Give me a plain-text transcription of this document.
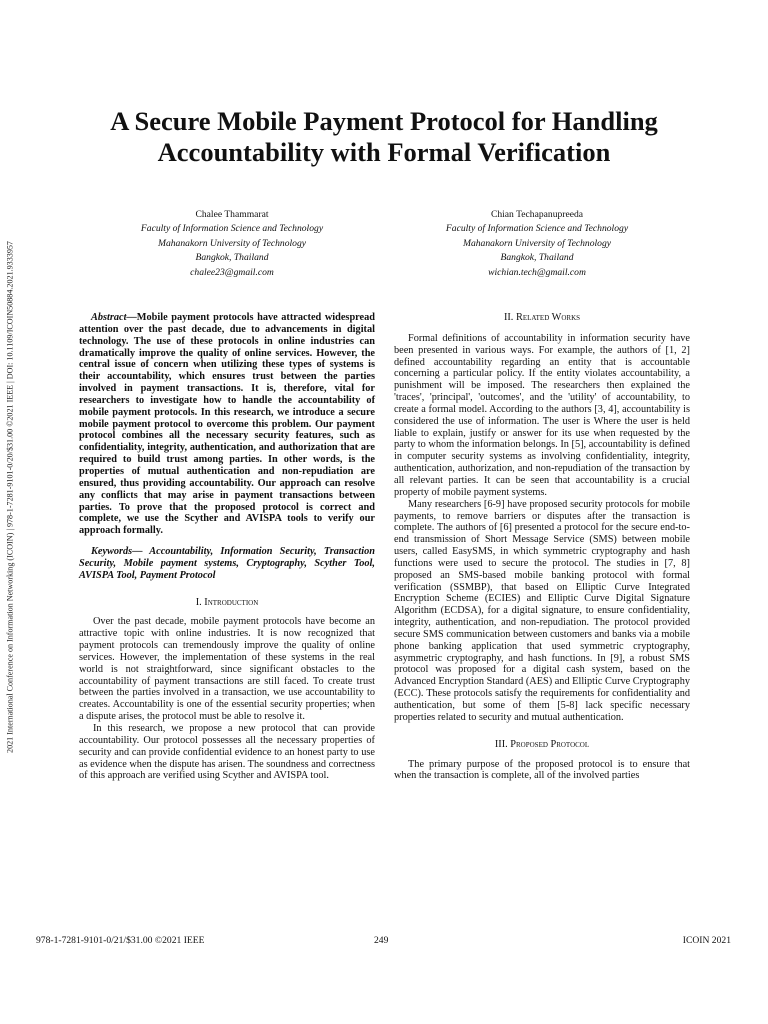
2021 International Conference on Information Networking (ICOIN) | 978-1-7281-9101-0/20/$31.00 ©2021 IEEE | DOI: 10.1109/ICOIN50884.2021.9333957
A Secure Mobile Payment Protocol for Handling
Accountability with Formal Verification
Chalee Thammarat
Faculty of Information Science and Technology
Mahanakorn University of Technology
Bangkok, Thailand
chalee23@gmail.com
Chian Techapanupreeda
Faculty of Information Science and Technology
Mahanakorn University of Technology
Bangkok, Thailand
wichian.tech@gmail.com

Abstract—Mobile payment protocols have attracted widespread attention over the past decade, due to advancements in digital technology. The use of these protocols in online industries can dramatically improve the quality of online services. However, the central issue of concern when utilizing these types of systems is their accountability, which ensures trust between the parties involved in payment transactions. It is, therefore, vital for researchers to investigate how to handle the accountability of mobile payment protocols. In this research, we introduce a secure mobile payment protocol to overcome this problem. Our payment protocol combines all the necessary security features, such as confidentiality, integrity, authentication, and authorization that are required to build trust among parties. In other words, is the properties of mutual authentication and non-repudiation are ensured, thus providing accountability. Our approach can resolve any conflicts that may arise in payment transactions between parties. To prove that the proposed protocol is correct and complete, we use the Scyther and AVISPA tools to verify our approach formally.

Keywords— Accountability, Information Security, Transaction Security, Mobile payment systems, Cryptography, Scyther Tool, AVISPA Tool, Payment Protocol

I. Introduction

Over the past decade, mobile payment protocols have become an attractive topic with online industries. It is now recognized that payment protocols can tremendously improve the quality of online services. However, the implementation of these systems in the real world is not straightforward, since significant obstacles to the accountability of payment transactions are still faced. To create trust between the parties involved in a transaction, we use accountability to creates. Accountability is one of the essential security properties; when a dispute arises, the protocol must be able to resolve it.

In this research, we propose a new protocol that can provide accountability. Our protocol possesses all the necessary properties of security and can provide confidential evidence to an honest party to use as evidence when the dispute has arisen. The soundness and correctness of this approach are verified using Scyther and AVISPA tool.

II. Related Works

Formal definitions of accountability in information security have been presented in various ways. For example, the authors of [1, 2] defined accountability regarding an entity that is accountable concerning a particular policy. If the entity violates accountability, a punishment will be imposed. The researchers then explained the 'traces', 'principal', 'outcomes', and the 'utility' of accountability, to create a formal model. According to the authors [3, 4], accountability is considered the use of information. The user is Where the user is held liable to explain, justify or answer for its use when requested by the party to whom the information belongs. In [5], accountability is defined in computer security systems as involving confidentiality, integrity, authentication, authorization, and non-repudiation of the transaction by all relevant parties. It can be seen that accountability is a crucial property of mobile payment systems.

Many researchers [6-9] have proposed security protocols for mobile payments, to remove barriers or disputes after the transaction is complete. The authors of [6] presented a protocol for the secure end-to-end transmission of Short Message Service (SMS) between mobile users, called EasySMS, in which symmetric cryptography and hash functions were used to secure the protocol. The studies in [7, 8] proposed an SMS-based mobile banking protocol with formal verification (SSMBP), that based on Elliptic Curve Integrated Encryption Scheme (ECIES) and Elliptic Curve Digital Signature Algorithm (ECDSA), for a digital signature, to ensure confidentiality, integrity, authentication, and non-repudiation. The protocol provided secure SMS communication between customers and banks via a mobile phone banking application that used symmetric cryptography, asymmetric cryptography, and hash functions. In [9], a robust SMS protocol was proposed for a digital cash system, based on the Advanced Encryption Standard (AES) and Elliptic Curve Cryptography (ECC). These protocols satisfy the requirements for confidentiality and authentication, but some of them [5-8] lack specific necessary properties related to security and mutual authentication.

III. Proposed Protocol

The primary purpose of the proposed protocol is to ensure that when the transaction is complete, all of the involved parties

978-1-7281-9101-0/21/$31.00 ©2021 IEEE	249	ICOIN 2021
